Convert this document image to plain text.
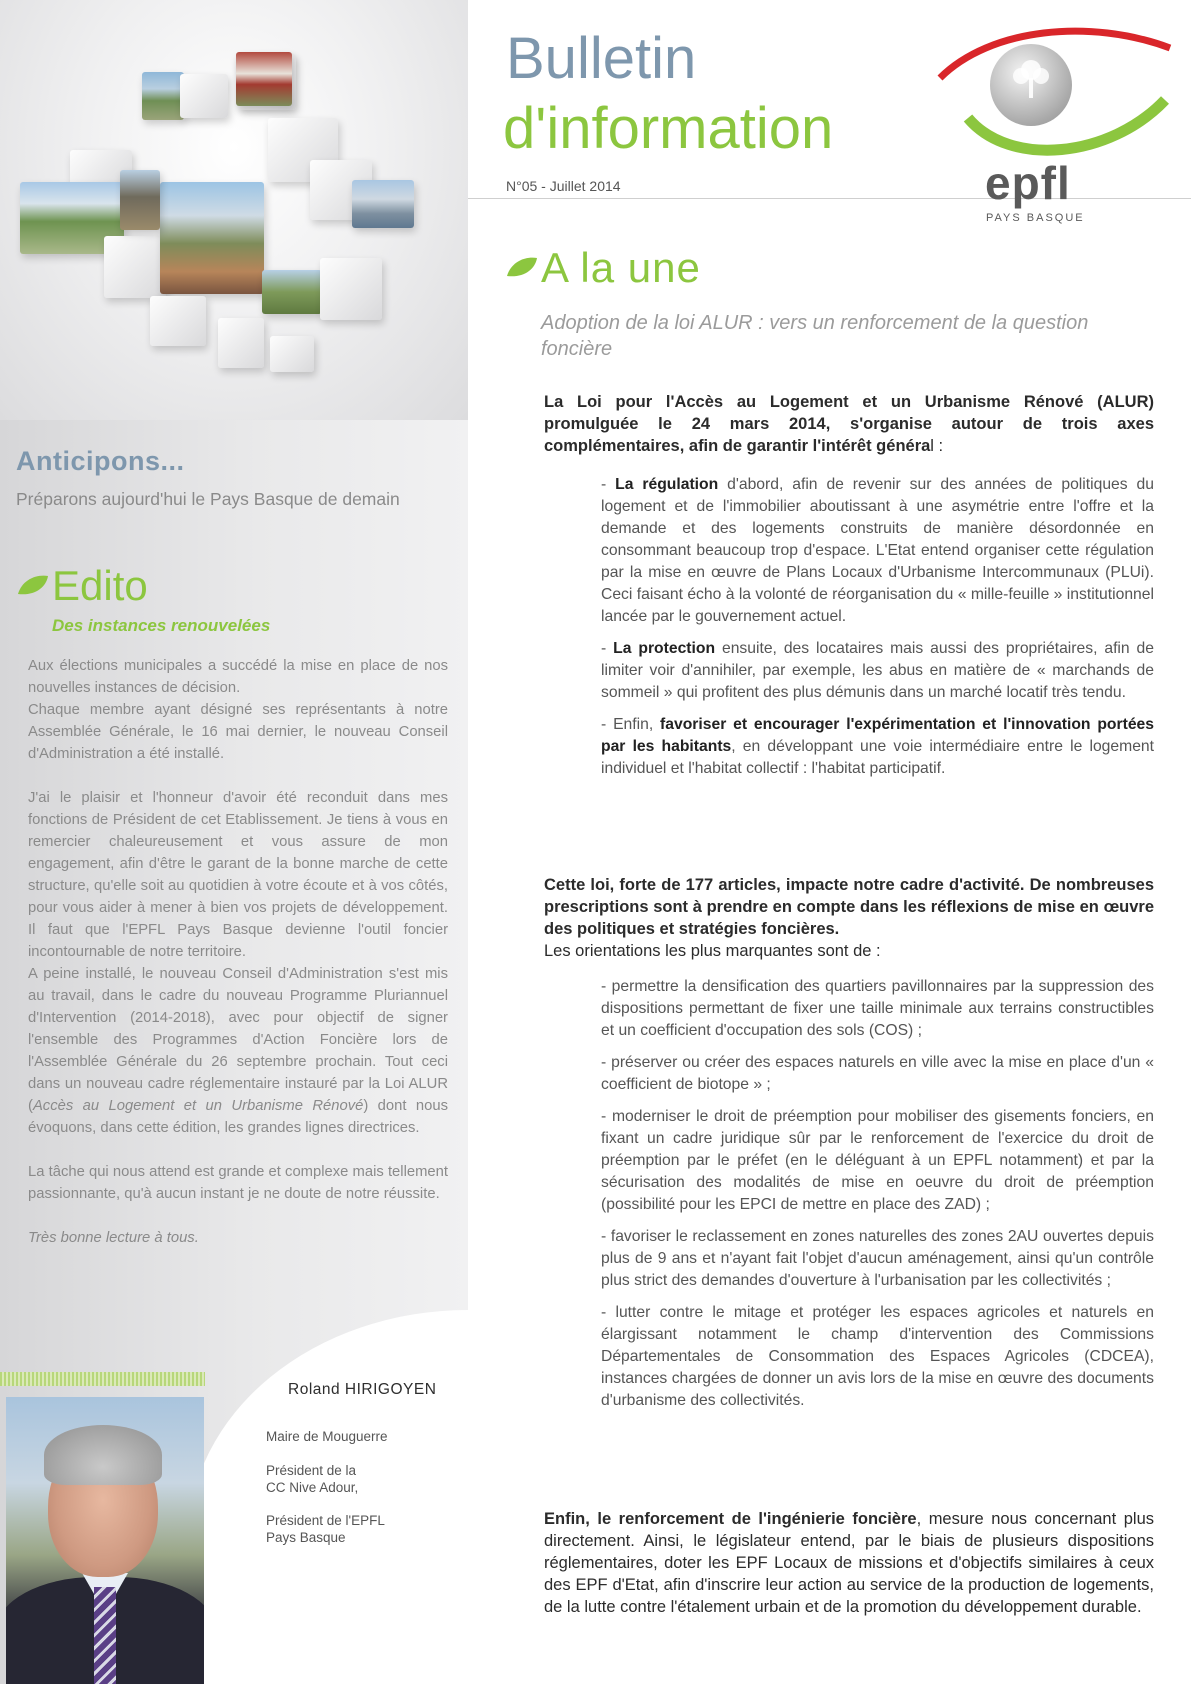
Anticipons...
Préparons aujourd'hui le Pays Basque de demain
Edito
Des instances renouvelées

Aux élections municipales a succédé la mise en place de nos nouvelles instances de décision.

Chaque membre ayant désigné ses représentants à notre Assemblée Générale, le 16 mai dernier, le nouveau Conseil d'Administration a été installé.

J'ai le plaisir et l'honneur d'avoir été reconduit dans mes fonctions de Président de cet Etablissement. Je tiens à vous en remercier chaleureusement et vous assure de mon engagement, afin d'être le garant de la bonne marche de cette structure, qu'elle soit au quotidien à votre écoute et à vos côtés, pour vous aider à mener à bien vos projets de développement. Il faut que l'EPFL Pays Basque devienne l'outil foncier incontournable de notre territoire.

A peine installé, le nouveau Conseil d'Administration s'est mis au travail, dans le cadre du nouveau Programme Pluriannuel d'Intervention (2014-2018), avec pour objectif de signer l'ensemble des Programmes d'Action Foncière lors de l'Assemblée Générale du 26 septembre prochain. Tout ceci dans un nouveau cadre réglementaire instauré par la Loi ALUR (Accès au Logement et un Urbanisme Rénové) dont nous évoquons, dans cette édition, les grandes lignes directrices.

La tâche qui nous attend est grande et complexe mais tellement passionnante, qu'à aucun instant je ne doute de notre réussite.

Très bonne lecture à tous.

Roland HIRIGOYEN
Maire de Mouguerre
Président de la
CC Nive Adour,
Président de l'EPFL
Pays Basque
Bulletin
d'information
N°05 - Juillet 2014	epfl
PAYS BASQUE
A la une
Adoption de la loi ALUR : vers un renforcement de la question foncière
La Loi pour l'Accès au Logement et un Urbanisme Rénové (ALUR) promulguée le 24 mars 2014, s'organise autour de trois axes complémentaires, afin de garantir l'intérêt général :

- La régulation d'abord, afin de revenir sur des années de politiques du logement et de l'immobilier aboutissant à une asymétrie entre l'offre et la demande et des logements construits de manière désordonnée en consommant beaucoup trop d'espace. L'Etat entend organiser cette régulation par la mise en œuvre de Plans Locaux d'Urbanisme Intercommunaux (PLUi). Ceci faisant écho à la volonté de réorganisation du « mille-feuille » institutionnel lancée par le gouvernement actuel.

- La protection ensuite, des locataires mais aussi des propriétaires, afin de limiter voir d'annihiler, par exemple, les abus en matière de « marchands de sommeil » qui profitent des plus démunis dans un marché locatif très tendu.

- Enfin, favoriser et encourager l'expérimentation et l'innovation portées par les habitants, en développant une voie intermédiaire entre le logement individuel et l'habitat collectif : l'habitat participatif.

Cette loi, forte de 177 articles, impacte notre cadre d'activité. De nombreuses prescriptions sont à prendre en compte dans les réflexions de mise en œuvre des politiques et stratégies foncières.
Les orientations les plus marquantes sont de :

- permettre la densification des quartiers pavillonnaires par la suppression des dispositions permettant de fixer une taille minimale aux terrains constructibles et un coefficient d'occupation des sols (COS) ;

- préserver ou créer des espaces naturels en ville avec la mise en place d'un « coefficient de biotope » ;

- moderniser le droit de préemption pour mobiliser des gisements fonciers, en fixant un cadre juridique sûr par le renforcement de l'exercice du droit de préemption par le préfet (en le déléguant à un EPFL notamment) et par la sécurisation des modalités de mise en oeuvre du droit de préemption (possibilité pour les EPCI de mettre en place des ZAD) ;

- favoriser le reclassement en zones naturelles des zones 2AU ouvertes depuis plus de 9 ans et n'ayant fait l'objet d'aucun aménagement, ainsi qu'un contrôle plus strict des demandes d'ouverture à l'urbanisation par les collectivités ;

- lutter contre le mitage et protéger les espaces agricoles et naturels en élargissant notamment le champ d'intervention des Commissions Départementales de Consommation des Espaces Agricoles (CDCEA), instances chargées de donner un avis lors de la mise en œuvre des documents d'urbanisme des collectivités.

Enfin, le renforcement de l'ingénierie foncière, mesure nous concernant plus directement. Ainsi, le législateur entend, par le biais de plusieurs dispositions réglementaires, doter les EPF Locaux de missions et d'objectifs similaires à ceux des EPF d'Etat, afin d'inscrire leur action au service de la production de logements, de la lutte contre l'étalement urbain et de la promotion du développement durable.
